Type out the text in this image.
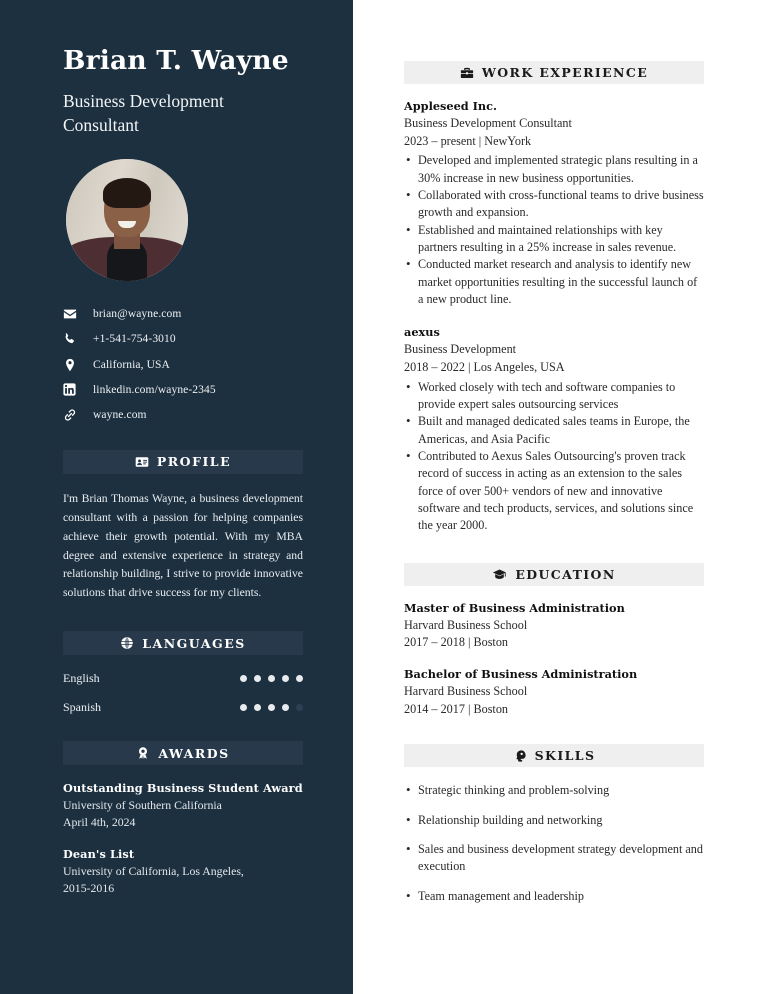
Brian T. Wayne
Business Development Consultant
brian@wayne.com
+1-541-754-3010
California, USA
linkedin.com/wayne-2345
wayne.com
PROFILE

I'm Brian Thomas Wayne, a business development consultant with a passion for helping companies achieve their growth potential. With my MBA degree and extensive experience in strategy and relationship building, I strive to provide innovative solutions that drive success for my clients.

LANGUAGES
English
Spanish
AWARDS
Outstanding Business Student Award
University of Southern California
April 4th, 2024
Dean's List
University of California, Los Angeles,
2015-2016
WORK EXPERIENCE
Appleseed Inc.
Business Development Consultant
2023 – present | NewYork
• Developed and implemented strategic plans resulting in a 30% increase in new business opportunities.
• Collaborated with cross-functional teams to drive business growth and expansion.
• Established and maintained relationships with key partners resulting in a 25% increase in sales revenue.
• Conducted market research and analysis to identify new market opportunities resulting in the successful launch of a new product line.
aexus
Business Development
2018 – 2022 | Los Angeles, USA
• Worked closely with tech and software companies to provide expert sales outsourcing services
• Built and managed dedicated sales teams in Europe, the Americas, and Asia Pacific
• Contributed to Aexus Sales Outsourcing's proven track record of success in acting as an extension to the sales force of over 500+ vendors of new and innovative software and tech products, services, and solutions since the year 2000.
EDUCATION
Master of Business Administration
Harvard Business School
2017 – 2018 | Boston
Bachelor of Business Administration
Harvard Business School
2014 – 2017 | Boston
SKILLS
• Strategic thinking and problem-solving
• Relationship building and networking
• Sales and business development strategy development and execution
• Team management and leadership
